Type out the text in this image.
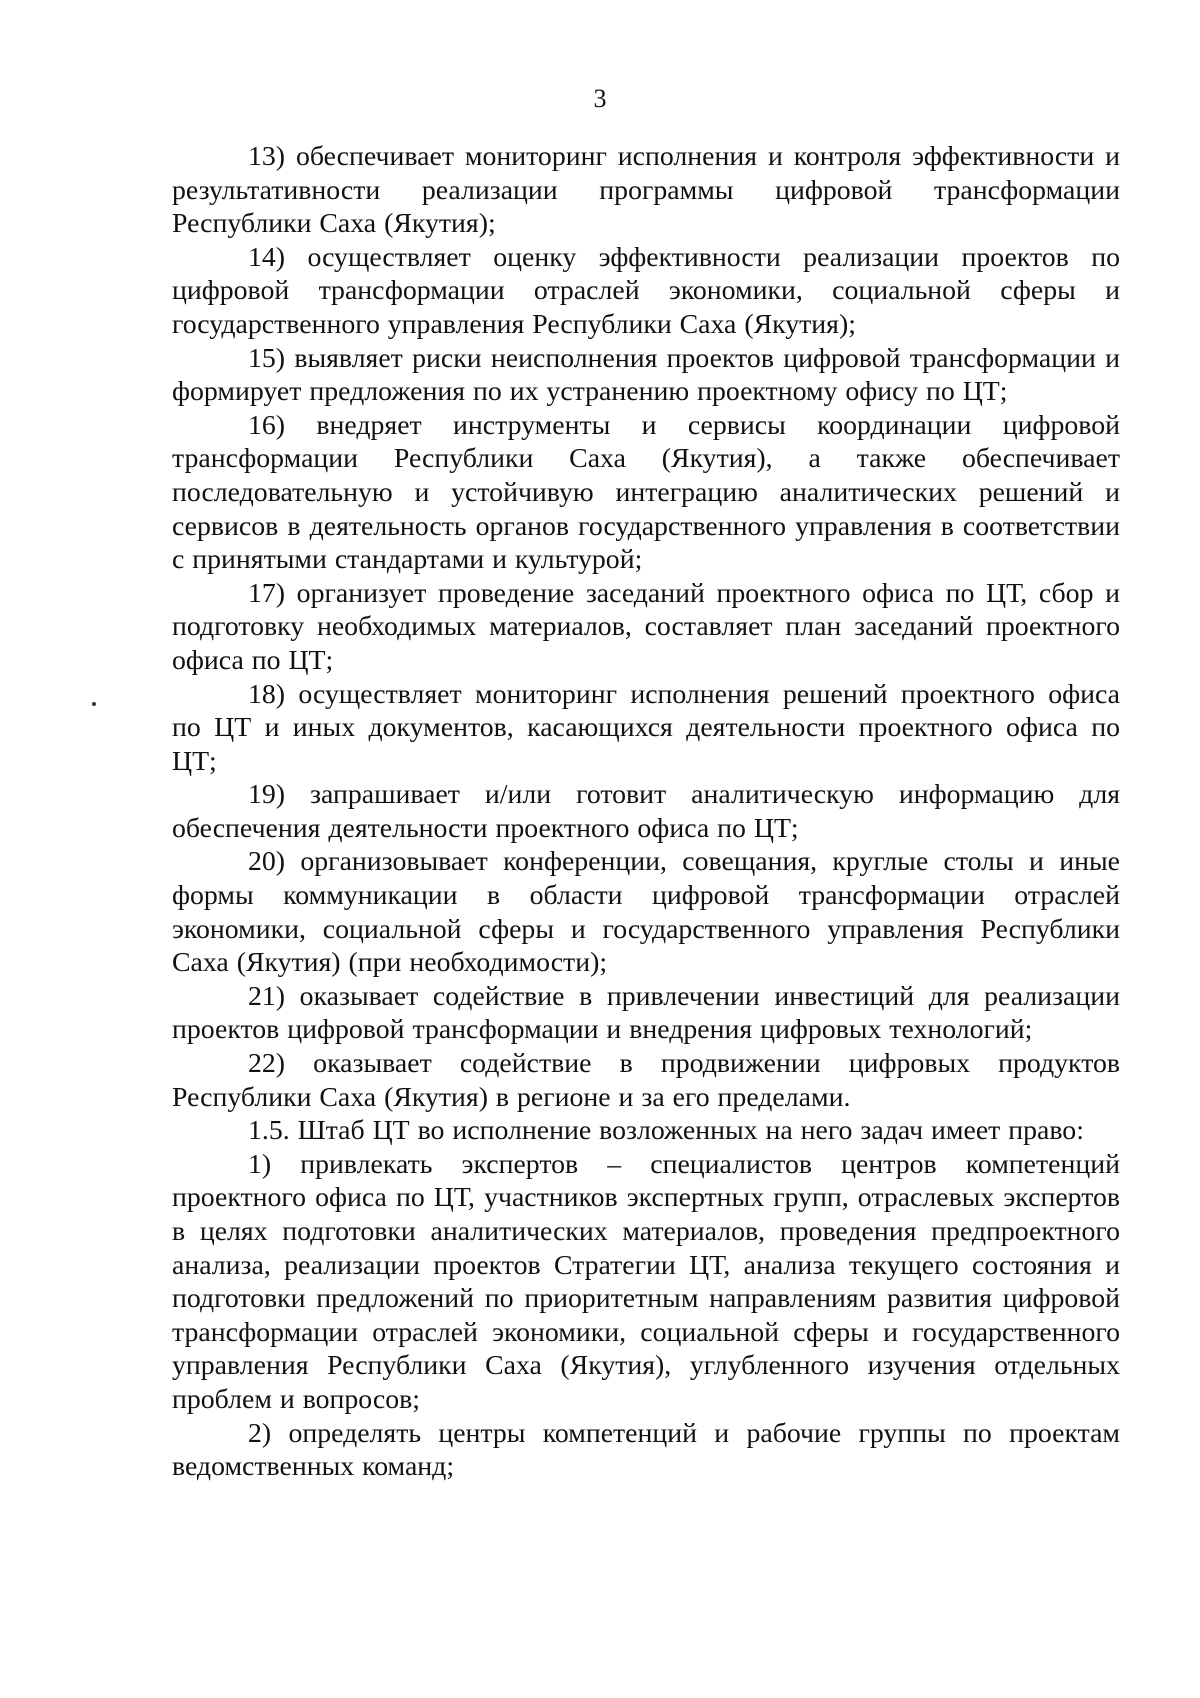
3

13) обеспечивает мониторинг исполнения и контроля эффективности и результативности реализации программы цифровой трансформации Республики Саха (Якутия);

14) осуществляет оценку эффективности реализации проектов по цифровой трансформации отраслей экономики, социальной сферы и государственного управления Республики Саха (Якутия);

15) выявляет риски неисполнения проектов цифровой трансформации и формирует предложения по их устранению проектному офису по ЦТ;

16) внедряет инструменты и сервисы координации цифровой трансформации Республики Саха (Якутия), а также обеспечивает последовательную и устойчивую интеграцию аналитических решений и сервисов в деятельность органов государственного управления в соответствии с принятыми стандартами и культурой;

17) организует проведение заседаний проектного офиса по ЦТ, сбор и подготовку необходимых материалов, составляет план заседаний проектного офиса по ЦТ;

18) осуществляет мониторинг исполнения решений проектного офиса по ЦТ и иных документов, касающихся деятельности проектного офиса по ЦТ;

19) запрашивает и/или готовит аналитическую информацию для обеспечения деятельности проектного офиса по ЦТ;

20) организовывает конференции, совещания, круглые столы и иные формы коммуникации в области цифровой трансформации отраслей экономики, социальной сферы и государственного управления Республики Саха (Якутия) (при необходимости);

21) оказывает содействие в привлечении инвестиций для реализации проектов цифровой трансформации и внедрения цифровых технологий;

22) оказывает содействие в продвижении цифровых продуктов Республики Саха (Якутия) в регионе и за его пределами.

1.5. Штаб ЦТ во исполнение возложенных на него задач имеет право:

1) привлекать экспертов – специалистов центров компетенций проектного офиса по ЦТ, участников экспертных групп, отраслевых экспертов в целях подготовки аналитических материалов, проведения предпроектного анализа, реализации проектов Стратегии ЦТ, анализа текущего состояния и подготовки предложений по приоритетным направлениям развития цифровой трансформации отраслей экономики, социальной сферы и государственного управления Республики Саха (Якутия), углубленного изучения отдельных проблем и вопросов;

2) определять центры компетенций и рабочие группы по проектам ведомственных команд;
